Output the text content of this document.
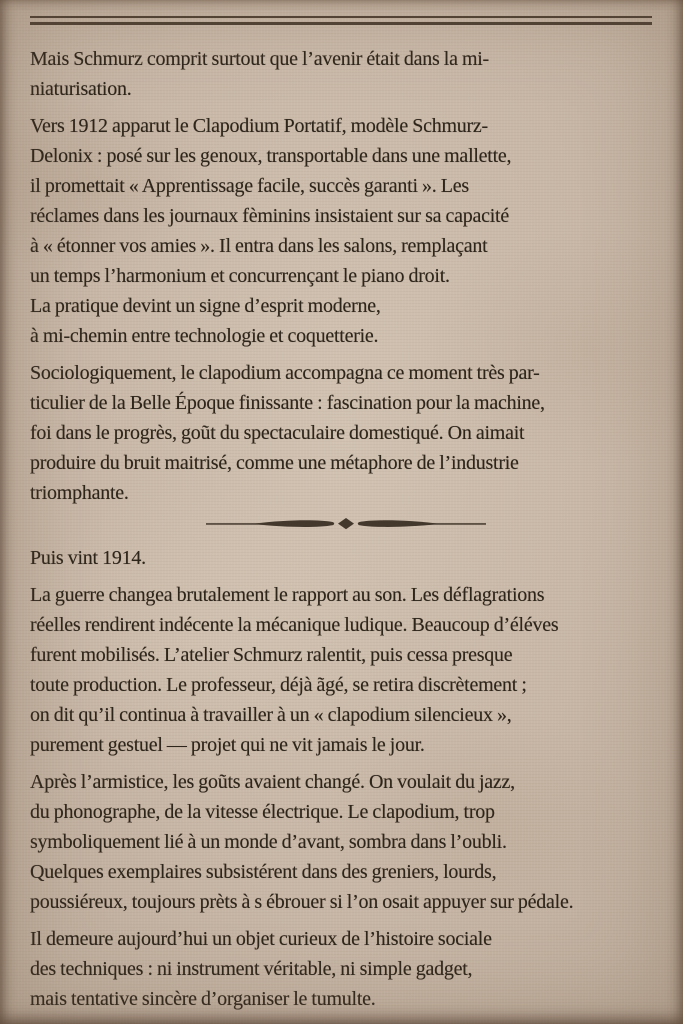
Mais Schmurz comprit surtout que l’avenir était dans la mi-
niaturisation.

Vers 1912 apparut le Clapodium Portatif, modèle Schmurz-
Delonix : posé sur les genoux, transportable dans une mallette,
il promettait « Apprentissage facile, succès garanti ». Les
réclames dans les journaux fèminins insistaient sur sa capacité
à « étonner vos amies ». Il entra dans les salons, remplaçant
un temps l’harmonium et concurrençant le piano droit.
La pratique devint un signe d’esprit moderne,
à mi-chemin entre technologie et coquetterie.

Sociologiquement, le clapodium accompagna ce moment très par-
ticulier de la Belle Époque finissante : fascination pour la machine,
foi dans le progrès, goũt du spectaculaire domestiqué. On aimait
produire du bruit maitrisé, comme une métaphore de l’industrie
triomphante.

Puis vint 1914.

La guerre changea brutalement le rapport au son. Les déflagrations
réelles rendirent indécente la mécanique ludique. Beaucoup d’éléves
furent mobilisés. L’atelier Schmurz ralentit, puis cessa presque
toute production. Le professeur, déjà ãgé, se retira discrètement ;
on dit qu’il continua à travailler à un « clapodium silencieux »,
purement gestuel — projet qui ne vit jamais le jour.

Après l’armistice, les goũts avaient changé. On voulait du jazz,
du phonographe, de la vitesse électrique. Le clapodium, trop
symboliquement lié à un monde d’avant, sombra dans l’oubli.
Quelques exemplaires subsistérent dans des greniers, lourds,
poussiéreux, toujours prèts à s ébrouer si l’on osait appuyer sur pédale.

Il demeure aujourd’hui un objet curieux de l’histoire sociale
des techniques : ni instrument véritable, ni simple gadget,
mais tentative sincère d’organiser le tumulte.
